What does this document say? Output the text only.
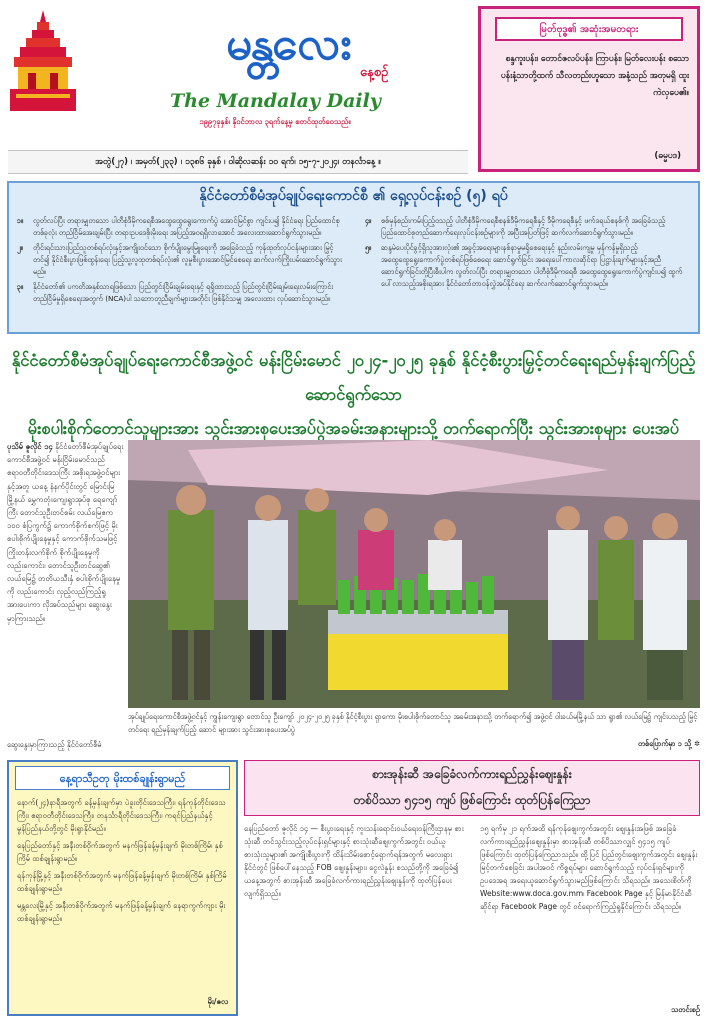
မန္တလေး
နေ့စဉ်
The Mandalay Daily
၁၉၉၇ခုနှစ်၊ နိုဝင်ဘာလ ၃ရက်နေ့မှ စတင်ထုတ်ဝေသည်။
အတွဲ(၂၇) ၊ အမှတ်(၂၃၃) ၊ ၁၃၈၆ ခုနှစ် ၊ ဝါဆိုလဆန်း ၁၀ ရက်၊ ၁၅-၇-၂၀၂၄၊ တနင်္လာနေ့ ။
မြတ်ဗုဒ္ဓ၏ အဆုံးအမတရား
စန္ဒကူးပန်း၊ တောင်ဇလပ်ပန်း၊ ကြာပန်း၊ မြတ်လေးပန်း စသော ပန်းနံ့သာတို့ထက် သီလတည်းဟူသော အနံ့သည် အတုမရှိ ထူးကဲလှပေ၏။
(ဓမ္မပဒ)
နိုင်ငံတော်စီမံအုပ်ချုပ်ရေးကောင်စီ ၏ ရှေ့လုပ်ငန်းစဉ် (၅) ရပ်
၁။	လွတ်လပ်ပြီး တရားမျှတသော ပါတီစုံဒီမိုကရေစီအထွေထွေရွေးကောက်ပွဲ အောင်မြင်စွာ ကျင်းပ၍ နိုင်ငံရေး ပြည်ထောင်စုတစ်ခုလုံး တည်ငြိမ်အေးချမ်းပြီး တရားဥပဒေစိုးမိုးရေး အပြည့်အဝရရှိလာအောင် အလေးထားဆောင်ရွက်သွားမည်။
၂။	တိုင်းရင်းသားပြည်သူတစ်ရပ်လုံးနှင့်အကျိုးဝင်သော စိုက်ပျိုးမွေးမြူရေးကို အခြေခံသည့် ကုန်ထုတ်လုပ်ငန်းများအား မြှင့်တင်၍ နိုင်ငံစီးပွားဖြစ်ထွန်းရေး ပြည့်သူ့လူထုတစ်ရပ်လုံး၏ လူမှုစီးပွားအောင်မြင်စေရေး ဆက်လက်ကြိုးပမ်းဆောင်ရွက်သွားမည်။
၃။	နိုင်ငံတော်၏ ပကတိအနှစ်သာရဖြစ်သော ပြည်တွင်းငြိမ်းချမ်းရေးနှင့် ရရှိထားသည့် ပြည်တွင်းငြိမ်းချမ်းရေးလမ်းကြောင်း တည်ငြိမ်မှုရှိစေရေးအတွက် (NCA)ပါ သဘောတူညီချက်များအတိုင်း ဖြစ်နိုင်သမျှ အလေးထား လုပ်ဆောင်သွားမည်။
၄။	စစ်မှန်စည်းကမ်းပြည့်ဝသည့် ပါတီစုံဒီမိုကရေစီစနစ်ဒီမိုကရေစီနှင့် ဒီမိုကရေစီနှင့် ဖက်ဒရယ်စနစ်ကို အခြေခံသည့် ပြည်ထောင်စုတည်ဆောက်ရေးလုပ်ငန်းစဉ်များကို အပြီးအပြတ်ဖြင့် ဆက်လက်ဆောင်ရွက်သွားမည်။
၅။	ဆန္ဒမဲပေးပိုင်ခွင့်ရှိသူအားလုံး၏ အခွင့်အရေးများနစ်နာမှုမရှိစေရေးနှင့် နည်းလမ်းကျမှု မှန်ကန်မှုရှိသည့် အထွေထွေရွေးကောက်ပွဲတစ်ရပ်ဖြစ်စေရေး ဆောင်ရွက်ခြင်း အရေးပေါ်ကာလဆိုင်ရာ ပြဋ္ဌာန်းချက်များနှင့်အညီ ဆောင်ရွက်ခြင်းတို့ပြီးစီးပါက လွတ်လပ်ပြီး တရားမျှတသော ပါတီစုံဒီမိုကရေစီ အထွေထွေရွေးကောက်ပွဲကျင်းပ၍ ထွက်ပေါ်လာသည့်အစိုးရအား နိုင်ငံတော်တာဝန်လွှဲအပ်နိုင်ရေး ဆက်လက်ဆောင်ရွက်သွားမည်။
နိုင်ငံတော်စီမံအုပ်ချုပ်ရေးကောင်စီအဖွဲ့ဝင် မန်းငြိမ်းမောင် ၂၀၂၄-၂၀၂၅ ခုနှစ် နိုင်ငံ့စီးပွားမြှင့်တင်ရေးရည်မှန်းချက်ပြည့် ဆောင်ရွက်သော
မိုးစပါးစိုက်တောင်သူများအား သွင်းအားစုပေးအပ်ပွဲအခမ်းအနားများသို့ တက်ရောက်ပြီး သွင်းအားစုများ ပေးအပ်
ပုသိမ် ဇူလိုင် ၁၄ နိုင်ငံတော်စီမံအုပ်ချုပ်ရေးကောင်စီအဖွဲ့ဝင် မန်းငြိမ်းမောင်သည် ဧရာဝတီတိုင်းဒေသကြီး အစိုးရအဖွဲ့ဝင်များနှင့်အတူ ယနေ့ နံနက်ပိုင်းတွင် မြောင်းမြမြို့နယ် မွှေကတုံးကျေးရွာအုပ်စု ရေကျော်ကြီး တောင်သူဦးတင်စမ်း လယ်မြေဧက ၁၀၀ စံပြကွက်၌ ကောက်စိုက်စက်ဖြင့် မိုးစပါးစိုက်ပျိုးနေမှုနှင့် ကောက်စိုက်သမဖြင့် ကြိုးတန်းလက်စိုက် စိုက်ပျိုးနေမှုကိုလည်းကောင်း၊ တောင်သူဦးတင်ဆွေ၏ လယ်မြေ၌ တတိယသီးနှံ စပါးစိုက်ပျိုးနေမှုကို လည်းကောင်း လှည့်လည်ကြည့်ရှုအားပေးကာ လိုအပ်သည်များ ဆွေးနွေးမှာကြားသည်။
အုပ်ချုပ်ရေးကောင်စီအဖွဲ့ဝင်နှင့် ကျွန်းကျေးရွာ တောင်သူ ဦးကျော် ၂၀၂၄-၂၀၂၅ ခုနှစ် နိုင်ငံ့စီးပွား ရှာကော မိုးစပါးစိုက်တောင်သူ အခမ်းအနားသို့ တက်ရောက်၍ အဖွဲ့ဝင် ဝါးခယ်မမြို့နယ် သာ ရွာ၏ လယ်မြေ၌ ကျင်းပသည့် မြှင့်တင်ရေး ရည်မှန်းချက်ပြည့် ဆောင် များအား သွင်းအားစုပေးအပ်ပွဲ
တစ်ပြောက်မှာ ၁ သို့ ✲
ဆွေးနွေးမှာကြားသည့် နိုင်ငံတော်စီမံ
နေ့ရာသီဥတု မိုးထစ်ချုန်းရွာမည်

နောက်(၂၄)နာရီအတွက် ခန့်မှန်းချက်မှာ ပဲခူးတိုင်းဒေသကြီး၊ ရန်ကုန်တိုင်းဒေသကြီး၊ ဧရာဝတီတိုင်းဒေသကြီး၊ တနင်္သာရီတိုင်းဒေသကြီး၊ ကရင်ပြည်နယ်နှင့် မွန်ပြည်နယ်တို့တွင် မိုးရွာနိုင်မည်။

နေပြည်တော်နှင့် အနီးတစ်ဝိုက်အတွက် မနက်ဖြန်ခန့်မှန်းချက် မိုးတစ်ကြိမ်၊ နှစ်ကြိမ် ထစ်ချုန်းရွာမည်။

ရန်ကုန်မြို့နှင့် အနီးတစ်ဝိုက်အတွက် မနက်ဖြန်ခန့်မှန်းချက် မိုးတစ်ကြိမ်၊ နှစ်ကြိမ် ထစ်ချုန်းရွာမည်။

မန္တလေးမြို့နှင့် အနီးတစ်ဝိုက်အတွက် မနက်ဖြန်ခန့်မှန်းချက် နေရာကွက်ကျား မိုးထစ်ချုန်းရွာမည်။

မိုး/ဇလ
စားအုန်းဆီ အခြေခံလက်ကားရည်ညွှန်းဈေးနှုန်း
တစ်ပိဿာ ၅၄၁၅ ကျပ် ဖြစ်ကြောင်း ထုတ်ပြန်ကြေညာ

နေပြည်တော် ဇူလိုင် ၁၄ — စီးပွားရေးနှင့် ကူးသန်းရောင်းဝယ်ရေးဝန်ကြီးဌာနမှ စားသုံးဆီ တင်သွင်းသည့်လုပ်ငန်းရှင်များနှင့် စားသုံးဆီဈေးကွက်အတွင်း ဝယ်ယူစားသုံးသူများ၏ အကျိုးစီးပွားကို ထိန်းသိမ်းစောင့်ရှောက်ရန်အတွက် မလေးရှားနိုင်ငံတွင် ဖြစ်ပေါ်နေသည့် FOB ဈေးနှုန်းများ၊ ငွေလဲနှုန်း စသည်တို့ကို အခြေခံ၍ ယနေ့အတွက် စားအုန်းဆီ အခြေခံလက်ကားရည်ညွှန်းဈေးနှုန်းကို ထုတ်ပြန်ပေးလျက်ရှိသည်။

၁၅ ရက်မှ ၂၁ ရက်အထိ ရန်ကုန်ဈေးကွက်အတွင်း ဈေးနှုန်းအဖြစ် အခြေခံလက်ကားရည်ညွှန်းဈေးနှုန်းမှာ စားအုန်းဆီ တစ်ပိဿာလျှင် ၅၄၁၅ ကျပ် ဖြစ်ကြောင်း ထုတ်ပြန်ကြေညာသည်။ ထို့ပြင် ပြည်တွင်းဈေးကွက်အတွင်း ဈေးနှုန်းမြင့်တက်စေခြင်း အပါအဝင် ကိစ္စရပ်များ ဆောင်ရွက်သည့် လုပ်ငန်းရှင်များကို ဥပဒေအရ အရေးယူဆောင်ရွက်သွားမည်ဖြစ်ကြောင်း သိရသည်။ အသေးစိတ်ကို Website:www.doca.gov.mm၊ Facebook Page နှင့် မြန်မာနိုင်ငံဆီဆိုင်ရာ Facebook Page တွင် ဝင်ရောက်ကြည့်ရှုနိုင်ကြောင်း သိရသည်။

သတင်းစဉ်
